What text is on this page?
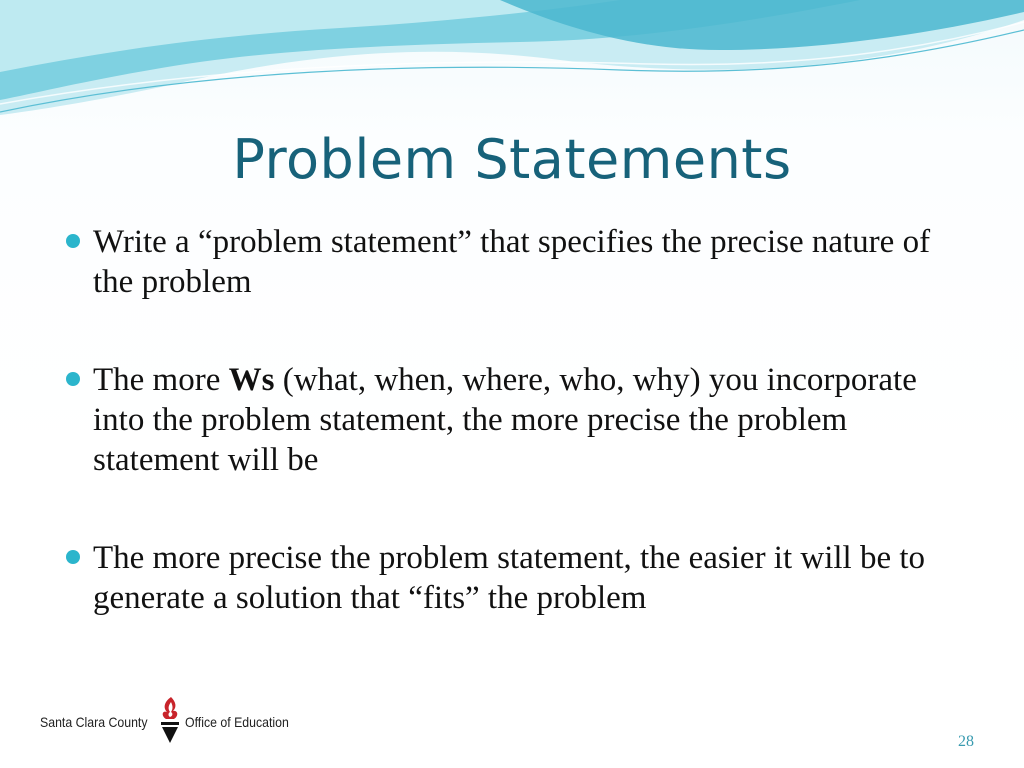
Problem Statements
Write a “problem statement” that specifies the precise nature of the problem
The more Ws (what, when, where, who, why) you incorporate into the problem statement, the more precise the problem statement will be
The more precise the problem statement, the easier it will be to generate a solution that “fits” the problem
Santa Clara County	Office of Education
28
